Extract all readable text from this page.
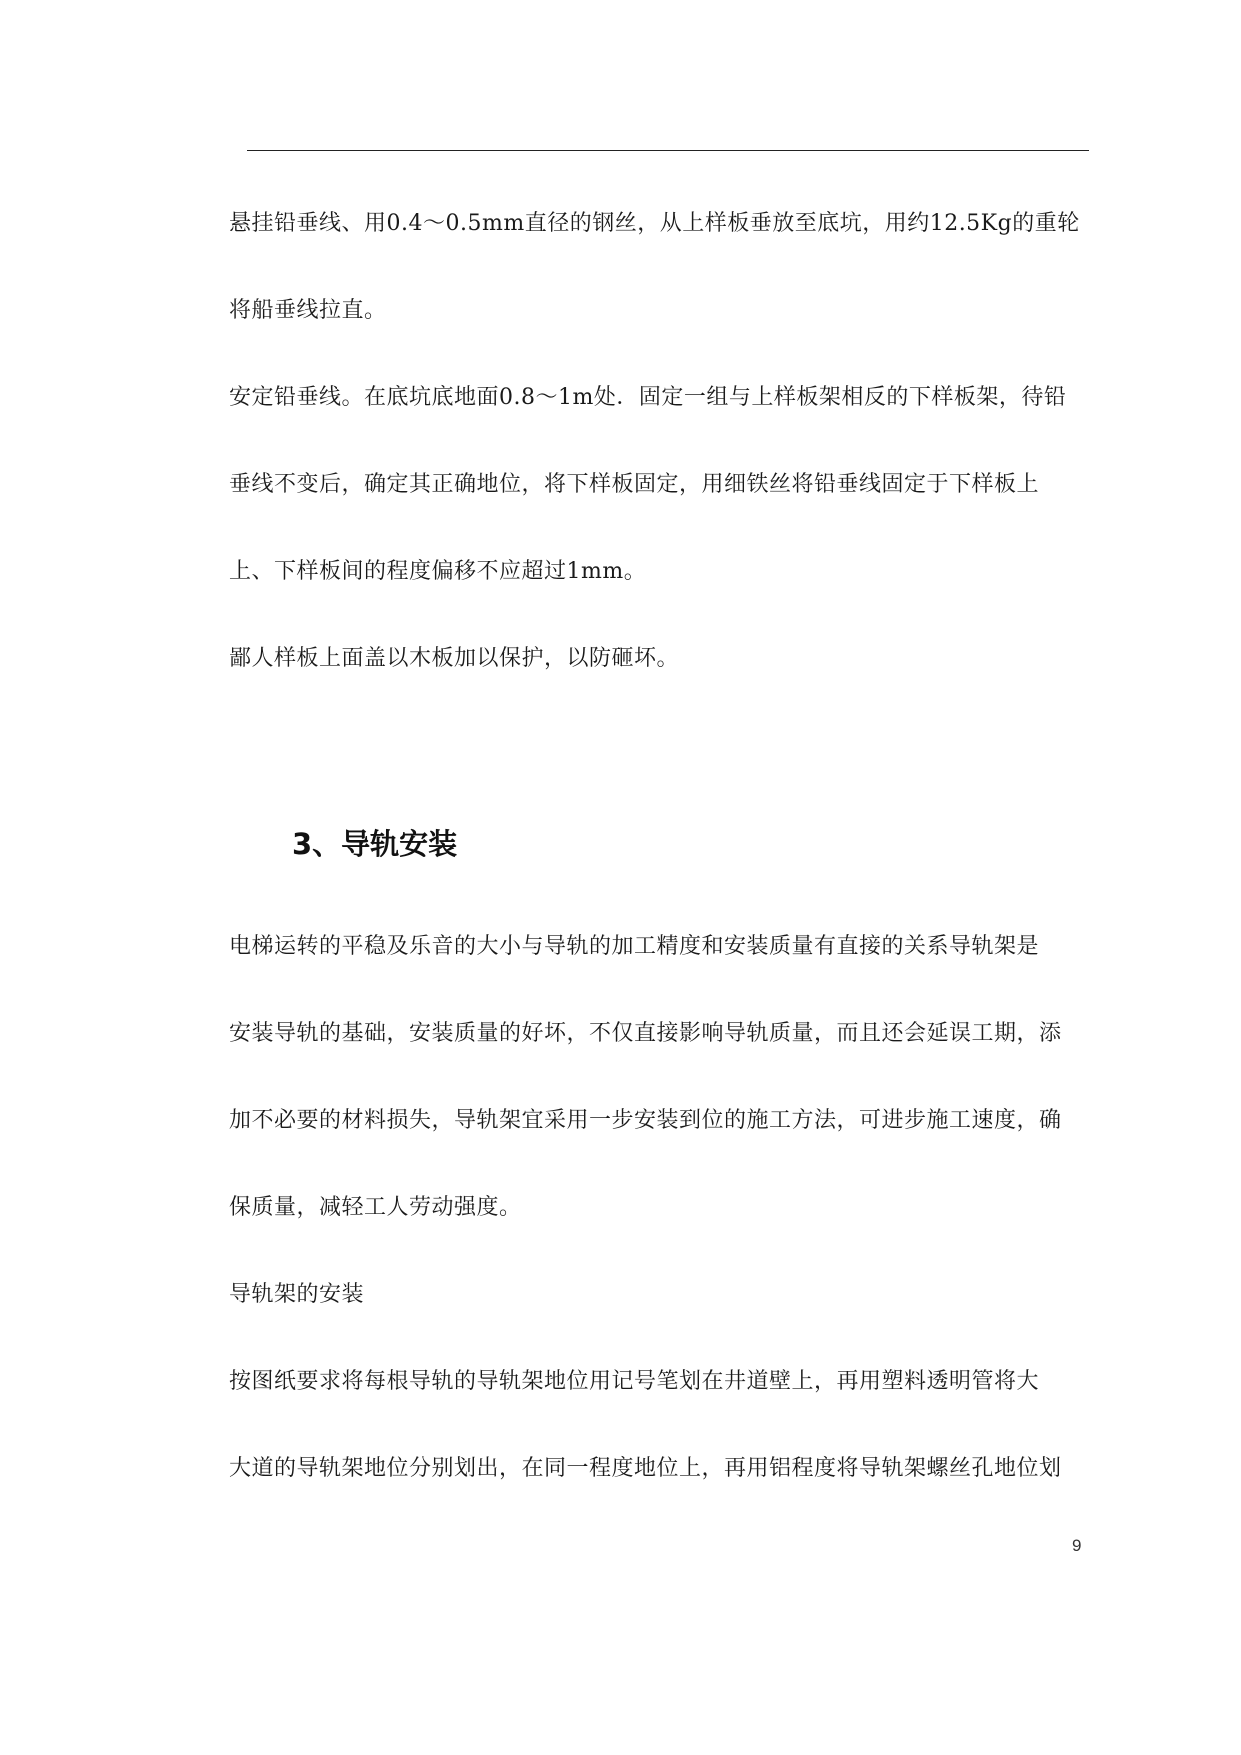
悬挂铅垂线、用0.4～0.5mm直径的钢丝，从上样板垂放至底坑，用约12.5Kg的重轮
将船垂线拉直。
安定铅垂线。在底坑底地面0.8～1m处．固定一组与上样板架相反的下样板架，待铅
垂线不变后，确定其正确地位，将下样板固定，用细铁丝将铅垂线固定于下样板上
上、下样板间的程度偏移不应超过1mm。
鄙人样板上面盖以木板加以保护，以防砸坏。
3、导轨安装
电梯运转的平稳及乐音的大小与导轨的加工精度和安装质量有直接的关系导轨架是
安装导轨的基础，安装质量的好坏，不仅直接影响导轨质量，而且还会延误工期，添
加不必要的材料损失，导轨架宜采用一步安装到位的施工方法，可进步施工速度，确
保质量，减轻工人劳动强度。
导轨架的安装
按图纸要求将每根导轨的导轨架地位用记号笔划在井道壁上，再用塑料透明管将大
大道的导轨架地位分别划出，在同一程度地位上，再用铝程度将导轨架螺丝孔地位划
9
